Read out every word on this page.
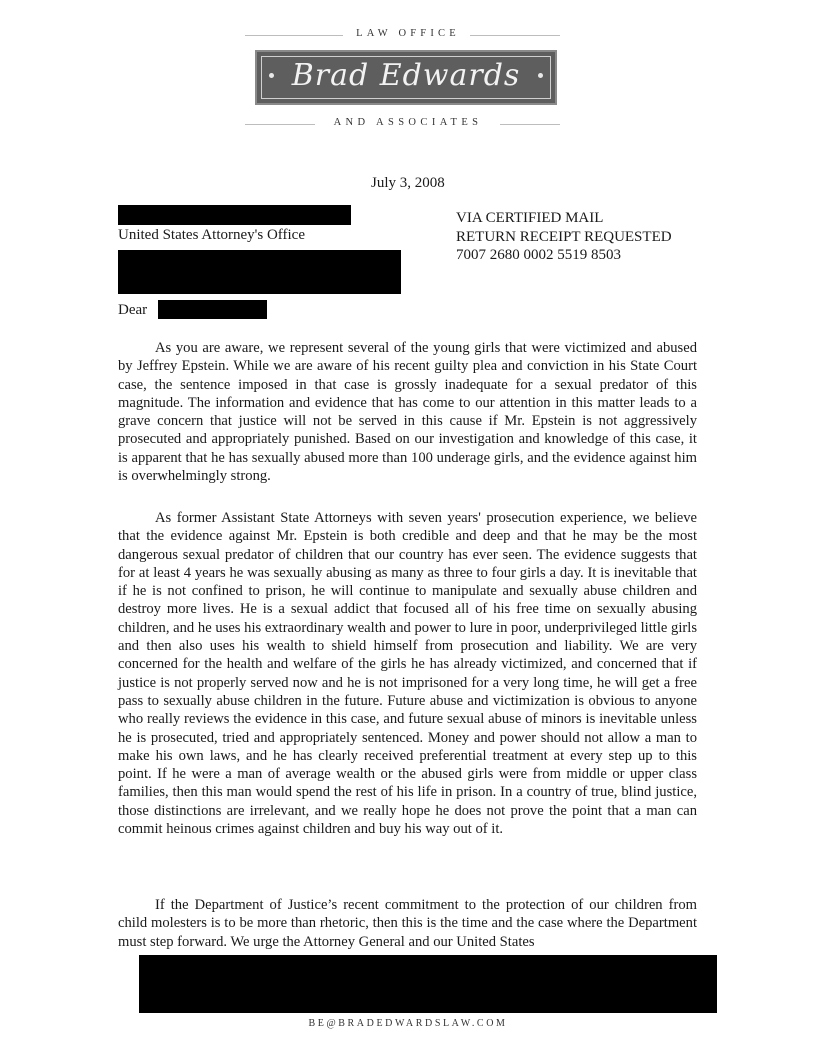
LAW OFFICE
Brad Edwards
AND ASSOCIATES
July 3, 2008
United States Attorney's Office
VIA CERTIFIED MAIL
RETURN RECEIPT REQUESTED
7007 2680 0002 5519 8503
Dear

As you are aware, we represent several of the young girls that were victimized and abused by Jeffrey Epstein. While we are aware of his recent guilty plea and conviction in his State Court case, the sentence imposed in that case is grossly inadequate for a sexual predator of this magnitude. The information and evidence that has come to our attention in this matter leads to a grave concern that justice will not be served in this cause if Mr. Epstein is not aggressively prosecuted and appropriately punished. Based on our investigation and knowledge of this case, it is apparent that he has sexually abused more than 100 underage girls, and the evidence against him is overwhelmingly strong.

As former Assistant State Attorneys with seven years' prosecution experience, we believe that the evidence against Mr. Epstein is both credible and deep and that he may be the most dangerous sexual predator of children that our country has ever seen. The evidence suggests that for at least 4 years he was sexually abusing as many as three to four girls a day. It is inevitable that if he is not confined to prison, he will continue to manipulate and sexually abuse children and destroy more lives. He is a sexual addict that focused all of his free time on sexually abusing children, and he uses his extraordinary wealth and power to lure in poor, underprivileged little girls and then also uses his wealth to shield himself from prosecution and liability. We are very concerned for the health and welfare of the girls he has already victimized, and concerned that if justice is not properly served now and he is not imprisoned for a very long time, he will get a free pass to sexually abuse children in the future. Future abuse and victimization is obvious to anyone who really reviews the evidence in this case, and future sexual abuse of minors is inevitable unless he is prosecuted, tried and appropriately sentenced. Money and power should not allow a man to make his own laws, and he has clearly received preferential treatment at every step up to this point. If he were a man of average wealth or the abused girls were from middle or upper class families, then this man would spend the rest of his life in prison. In a country of true, blind justice, those distinctions are irrelevant, and we really hope he does not prove the point that a man can commit heinous crimes against children and buy his way out of it.

If the Department of Justice’s recent commitment to the protection of our children from child molesters is to be more than rhetoric, then this is the time and the case where the Department must step forward. We urge the Attorney General and our United States

BE@BRADEDWARDSLAW.COM
